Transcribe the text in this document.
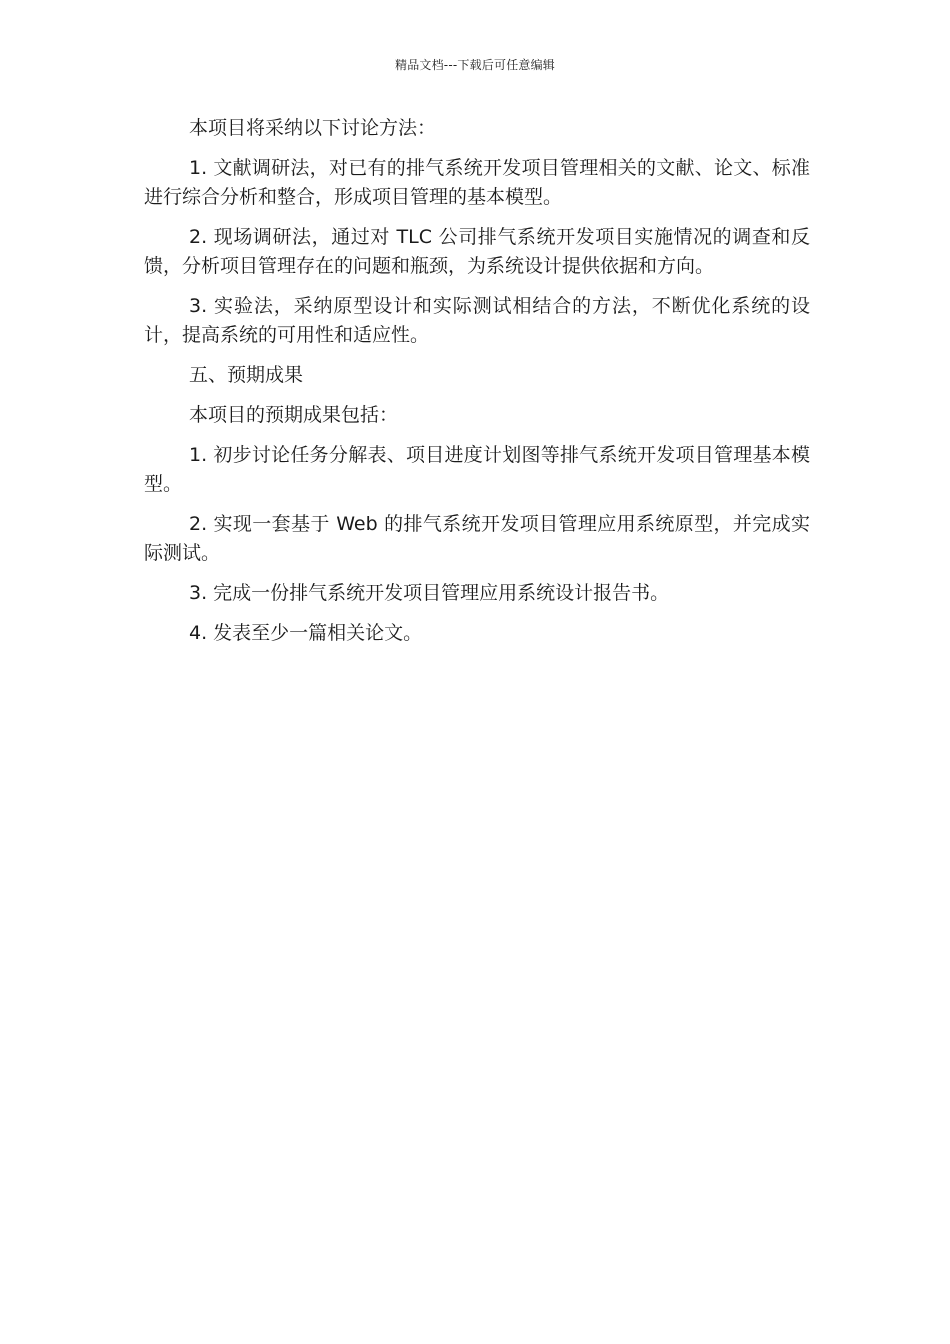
精品文档---下载后可任意编辑

本项目将采纳以下讨论方法：

1. 文献调研法，对已有的排气系统开发项目管理相关的文献、论文、标准进行综合分析和整合，形成项目管理的基本模型。

2. 现场调研法，通过对 TLC 公司排气系统开发项目实施情况的调查和反馈，分析项目管理存在的问题和瓶颈，为系统设计提供依据和方向。

3. 实验法，采纳原型设计和实际测试相结合的方法，不断优化系统的设计，提高系统的可用性和适应性。

五、预期成果

本项目的预期成果包括：

1. 初步讨论任务分解表、项目进度计划图等排气系统开发项目管理基本模型。

2. 实现一套基于 Web 的排气系统开发项目管理应用系统原型，并完成实际测试。

3. 完成一份排气系统开发项目管理应用系统设计报告书。

4. 发表至少一篇相关论文。
